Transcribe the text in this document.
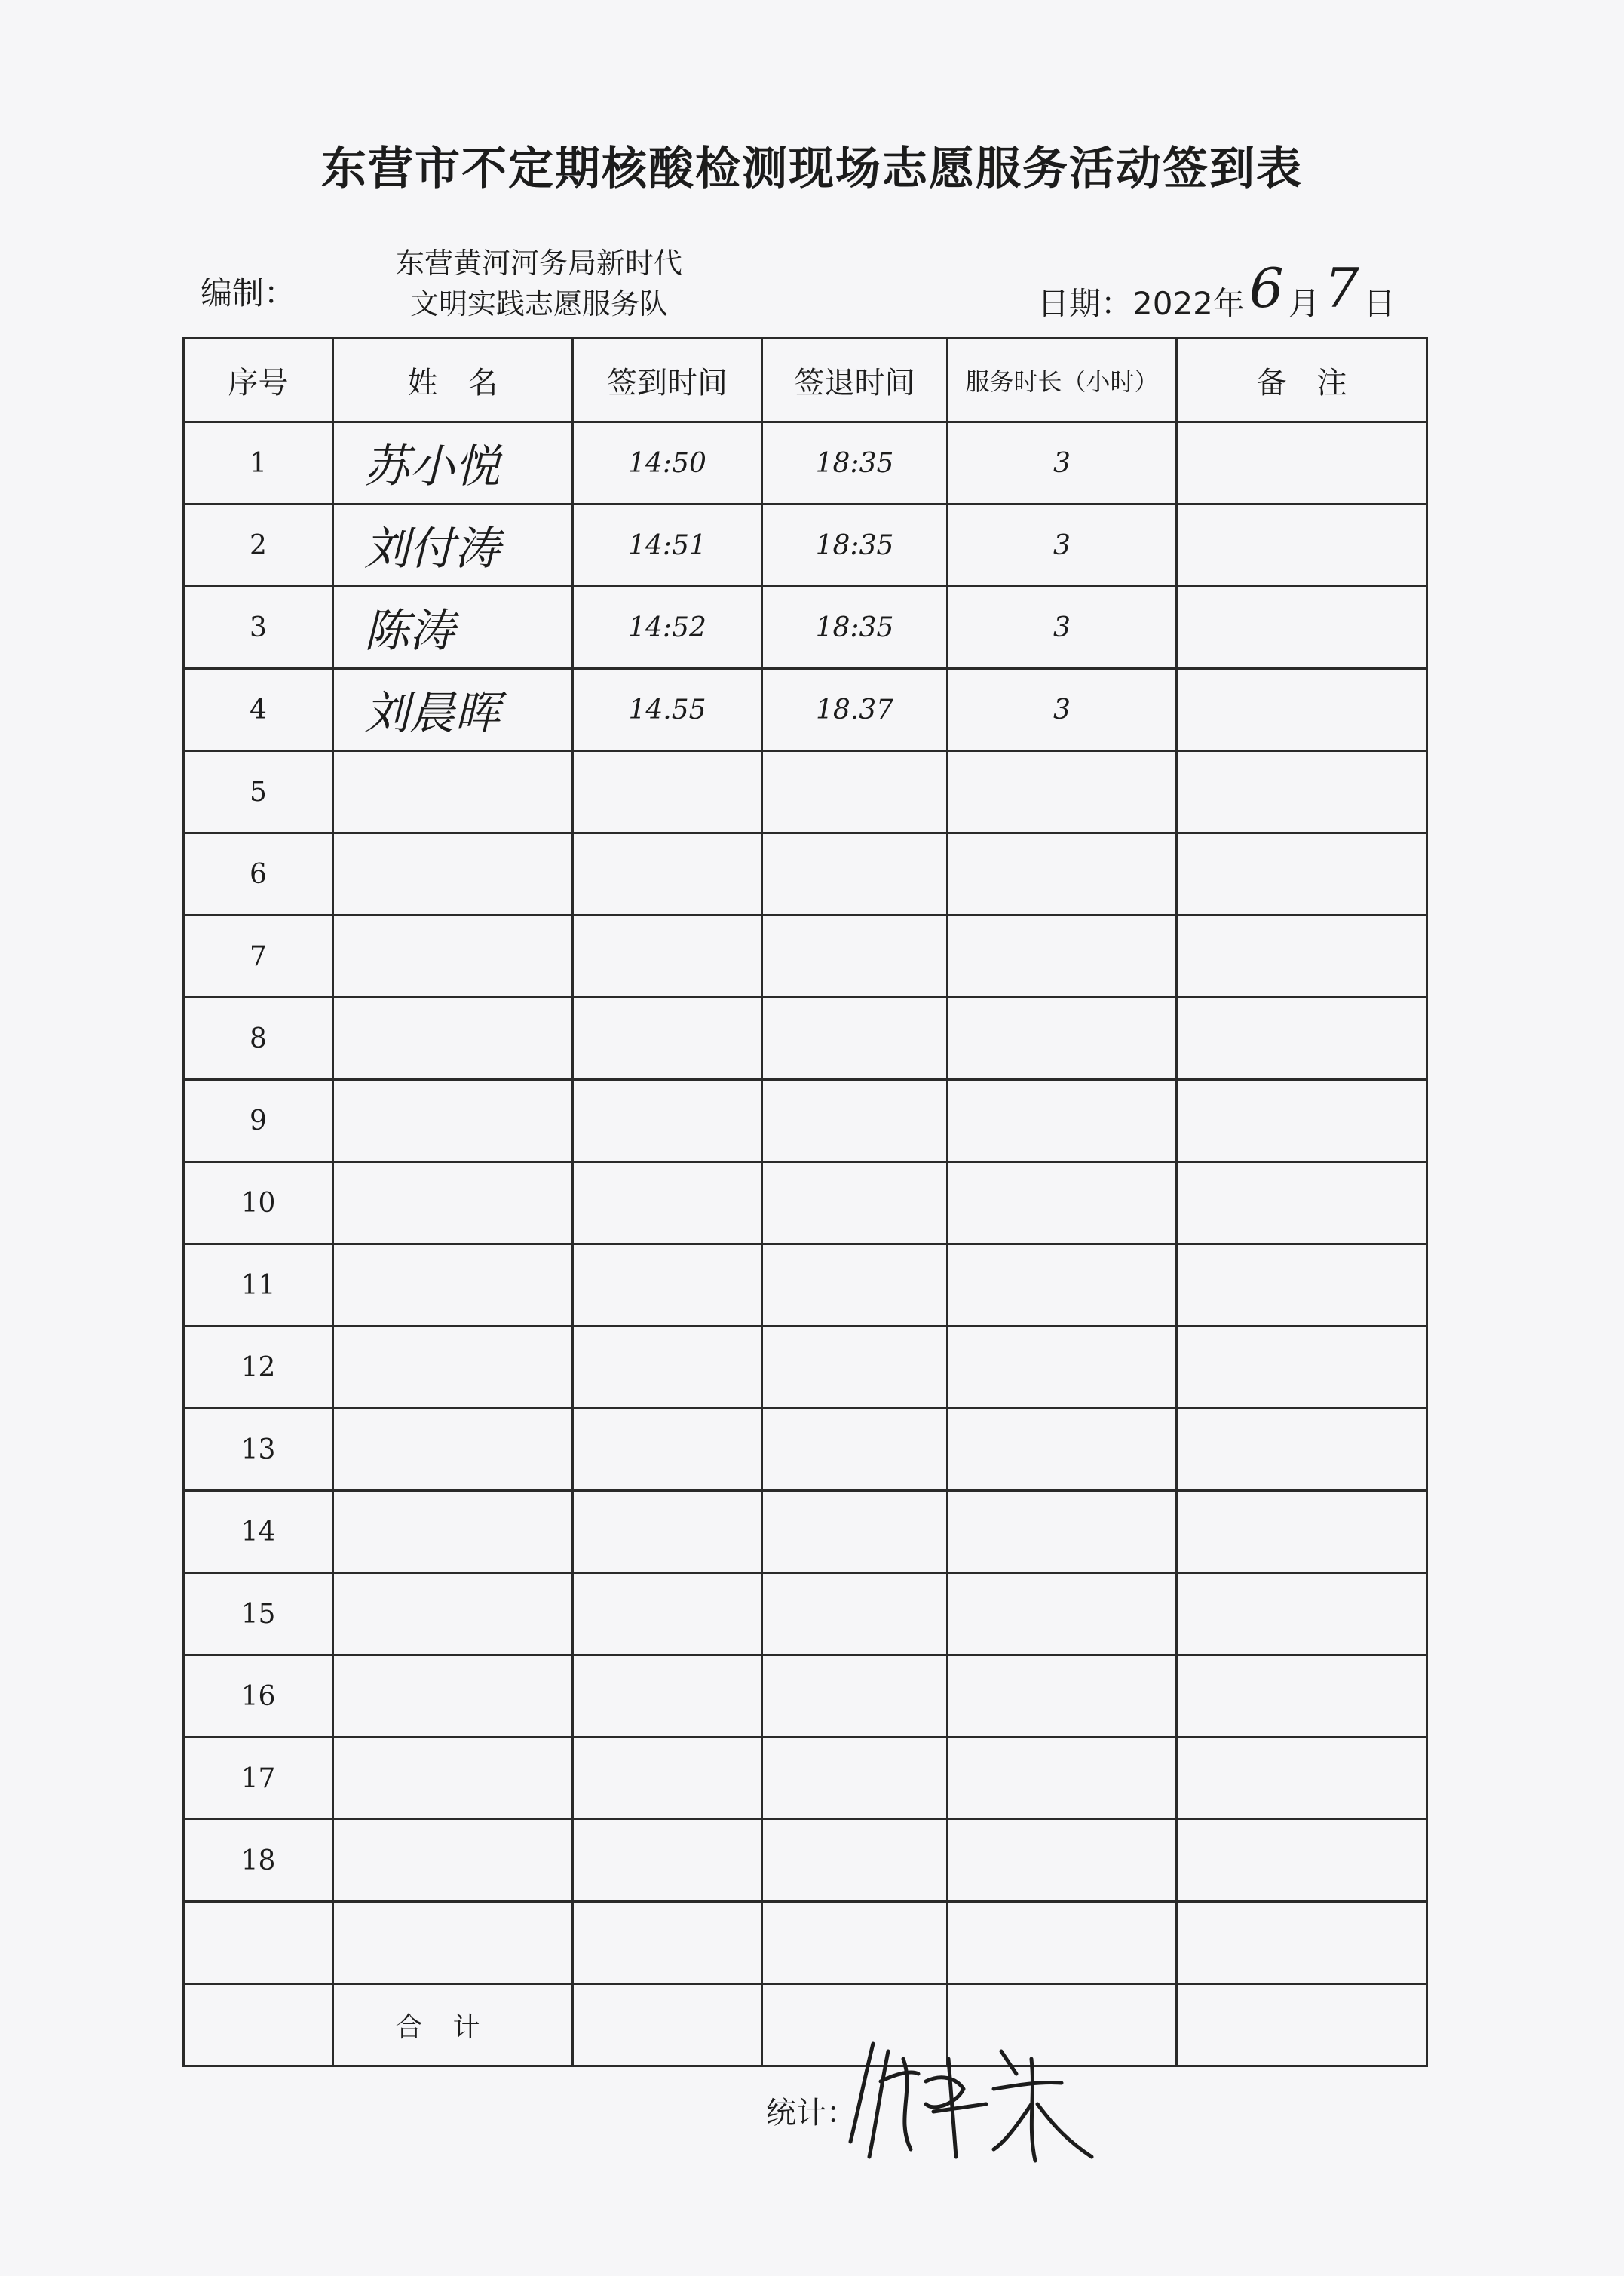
东营市不定期核酸检测现场志愿服务活动签到表
编制：
东营黄河河务局新时代
文明实践志愿服务队	日期：2022年6 月7 日
序号	姓　名	签到时间	签退时间	服务时长（小时）	备　注
1	苏小悦	14:50	18:35	3	
2	刘付涛	14:51	18:35	3	
3	陈涛	14:52	18:35	3	
4	刘晨晖	14.55	18.37	3	
5					
6					
7					
8					
9					
10					
11					
12					
13					
14					
15					
16					
17					
18					

	合计				
统计：
